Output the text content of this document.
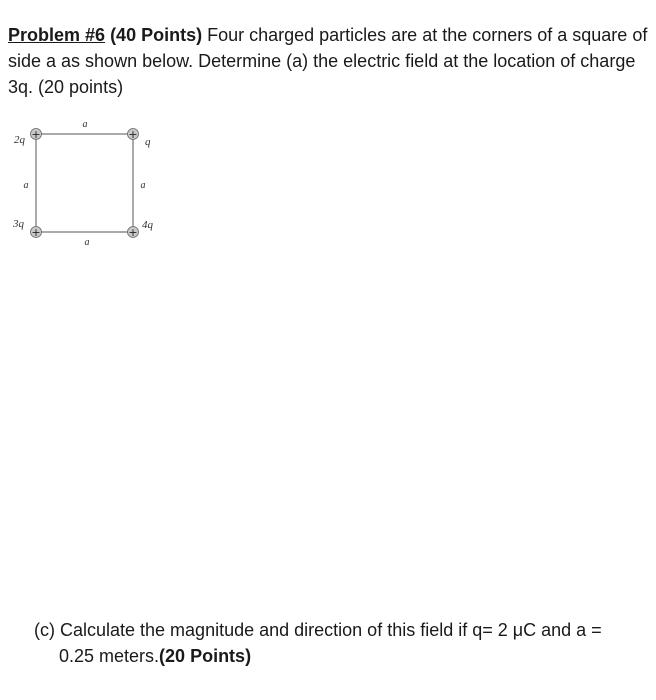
Problem #6 (40 Points) Four charged particles are at the corners of a square of side a as shown below. Determine (a) the electric field at the location of charge 3q. (20 points)

+	+
+	+
2q	q
3q	4q
a
a
a	a

(c) Calculate the magnitude and direction of this field if q= 2 μC and a =
0.25 meters.(20 Points)
